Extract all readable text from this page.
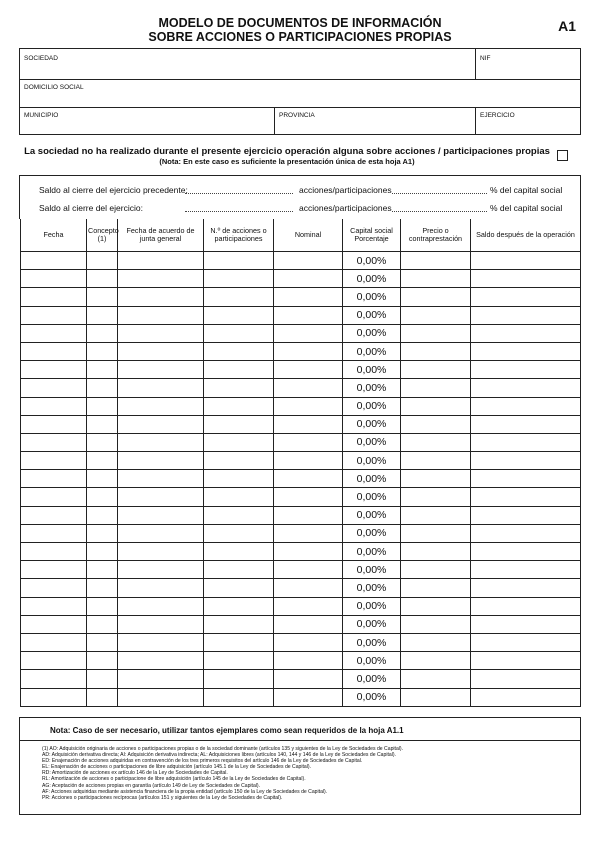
MODELO DE DOCUMENTOS DE INFORMACIÓN
SOBRE ACCIONES O PARTICIPACIONES PROPIAS
A1
SOCIEDAD	NIF
DOMICILIO SOCIAL
MUNICIPIO	PROVINCIA	EJERCICIO
La sociedad no ha realizado durante el presente ejercicio operación alguna sobre acciones / participaciones propias
(Nota: En este caso es suficiente la presentación única de esta hoja A1)
Saldo al cierre del ejercicio precedente:	acciones/participaciones	% del capital social
Saldo al cierre del ejercicio:	acciones/participaciones	% del capital social
Fecha	Concepto (1)	Fecha de acuerdo de junta general	N.º de acciones o participaciones	Nominal	Capital social Porcentaje	Precio o contraprestación	Saldo después de la operación
					0,00%		
					0,00%		
					0,00%		
					0,00%		
					0,00%		
					0,00%		
					0,00%		
					0,00%		
					0,00%		
					0,00%		
					0,00%		
					0,00%		
					0,00%		
					0,00%		
					0,00%		
					0,00%		
					0,00%		
					0,00%		
					0,00%		
					0,00%		
					0,00%		
					0,00%		
					0,00%		
					0,00%		
					0,00%		
Nota: Caso de ser necesario, utilizar tantos ejemplares como sean requeridos de la hoja A1.1
(1) AO: Adquisición originaria de acciones o participaciones propias o de la sociedad dominante (artículos 135 y siguientes de la Ley de Sociedades de Capital).
AD: Adquisición derivativa directa; AI: Adquisición derivativa indirecta; AL: Adquisiciones libres (artículos 140, 144 y 146 de la Ley de Sociedades de Capital).
ED: Enajenación de acciones adquiridas en contravención de los tres primeros requisitos del artículo 146 de la Ley de Sociedades de Capital.
EL: Enajenación de acciones o participaciones de libre adquisición (artículo 145.1 de la Ley de Sociedades de Capital).
RD: Amortización de acciones ex artículo 146 de la Ley de Sociedades de Capital.
RL: Amortización de acciones o participacione de libre adquisición (artículo 145 de la Ley de Sociedades de Capital).
AG: Aceptación de acciones propias en garantía (artículo 149 de Ley de Sociedades de Capital).
AF: Acciones adquiridas mediante asistencia financiera de la propia entidad (artículo 150 de la Ley de Sociedades de Capital).
PR: Acciones o participaciones recíprocas (artículos 151 y siguientes de la Ley de Sociedades de Capital).
